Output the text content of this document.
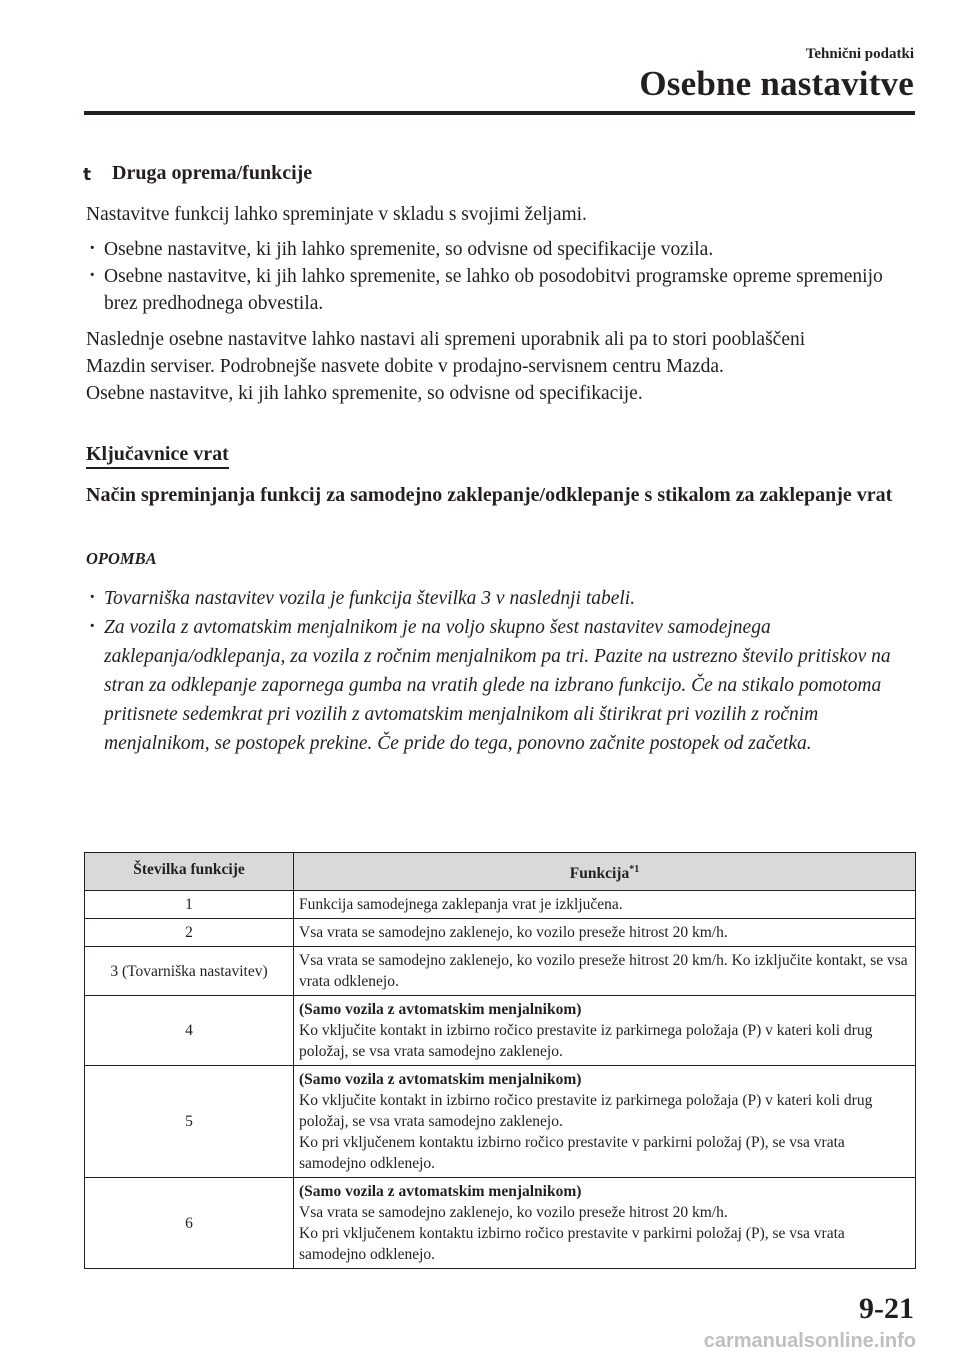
Tehnični podatki
Osebne nastavitve
t Druga oprema/funkcije

Nastavitve funkcij lahko spreminjate v skladu s svojimi željami.

· Osebne nastavitve, ki jih lahko spremenite, so odvisne od specifikacije vozila.
· Osebne nastavitve, ki jih lahko spremenite, se lahko ob posodobitvi programske opreme spremenijo brez predhodnega obvestila.

Naslednje osebne nastavitve lahko nastavi ali spremeni uporabnik ali pa to stori pooblaščeni

Mazdin serviser. Podrobnejše nasvete dobite v prodajno-servisnem centru Mazda.

Osebne nastavitve, ki jih lahko spremenite, so odvisne od specifikacije.

Ključavnice vrat
Način spreminjanja funkcij za samodejno zaklepanje/odklepanje s stikalom za zaklepanje vrat
OPOMBA
· Tovarniška nastavitev vozila je funkcija številka 3 v naslednji tabeli.
· Za vozila z avtomatskim menjalnikom je na voljo skupno šest nastavitev samodejnega zaklepanja/odklepanja, za vozila z ročnim menjalnikom pa tri. Pazite na ustrezno število pritiskov na stran za odklepanje zapornega gumba na vratih glede na izbrano funkcijo. Če na stikalo pomotoma pritisnete sedemkrat pri vozilih z avtomatskim menjalnikom ali štirikrat pri vozilih z ročnim menjalnikom, se postopek prekine. Če pride do tega, ponovno začnite postopek od začetka.
Številka funkcije	Funkcija$^{*1}$
1	Funkcija samodejnega zaklepanja vrat je izključena.

2	Vsa vrata se samodejno zaklenejo, ko vozilo preseže hitrost 20 km/h.

3 (Tovarniška nastavitev)	Vsa vrata se samodejno zaklenejo, ko vozilo preseže hitrost 20 km/h. Ko izključite kontakt, se vsa vrata odklenejo.

4	(Samo vozila z avtomatskim menjalnikom)
Ko vključite kontakt in izbirno ročico prestavite iz parkirnega položaja (P) v kateri koli drug položaj, se vsa vrata samodejno zaklenejo.

5	(Samo vozila z avtomatskim menjalnikom)
Ko vključite kontakt in izbirno ročico prestavite iz parkirnega položaja (P) v kateri koli drug položaj, se vsa vrata samodejno zaklenejo.
Ko pri vključenem kontaktu izbirno ročico prestavite v parkirni položaj (P), se vsa vrata samodejno odklenejo.

6	(Samo vozila z avtomatskim menjalnikom)
Vsa vrata se samodejno zaklenejo, ko vozilo preseže hitrost 20 km/h.
Ko pri vključenem kontaktu izbirno ročico prestavite v parkirni položaj (P), se vsa vrata samodejno odklenejo.
9-21
carmanualsonline.info
